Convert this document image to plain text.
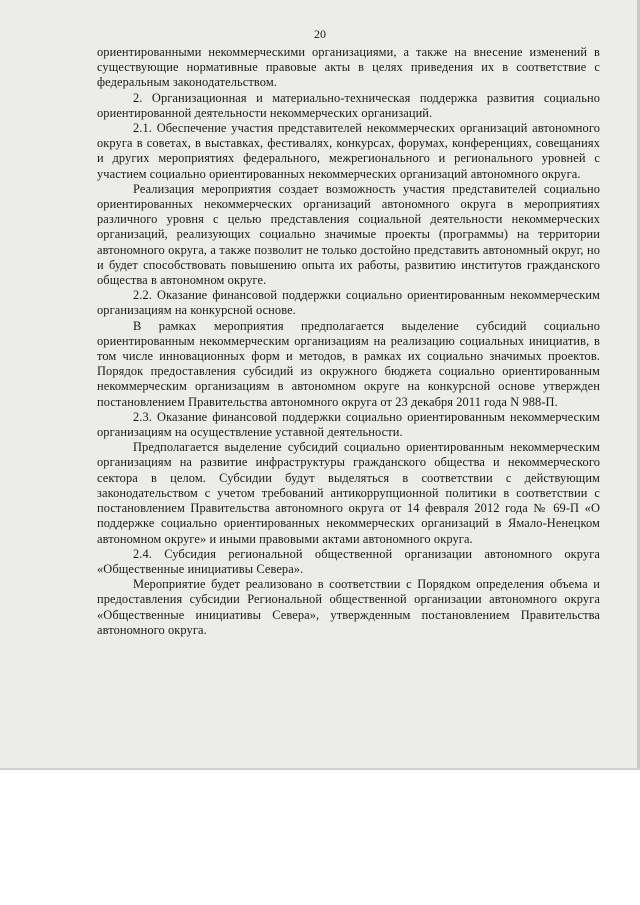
20

ориентированными некоммерческими организациями, а также на внесение изменений в существующие нормативные правовые акты в целях приведения их в соответствие с федеральным законодательством.

2. Организационная и материально-техническая поддержка развития социально ориентированной деятельности некоммерческих организаций.

2.1. Обеспечение участия представителей некоммерческих организаций автономного округа в советах, в выставках, фестивалях, конкурсах, форумах, конференциях, совещаниях и других мероприятиях федерального, межрегионального и регионального уровней с участием социально ориентированных некоммерческих организаций автономного округа.

Реализация мероприятия создает возможность участия представителей социально ориентированных некоммерческих организаций автономного округа в мероприятиях различного уровня с целью представления социальной деятельности некоммерческих организаций, реализующих социально значимые проекты (программы) на территории автономного округа, а также позволит не только достойно представить автономный округ, но и будет способствовать повышению опыта их работы, развитию институтов гражданского общества в автономном округе.

2.2. Оказание финансовой поддержки социально ориентированным некоммерческим организациям на конкурсной основе.

В рамках мероприятия предполагается выделение субсидий социально ориентированным некоммерческим организациям на реализацию социальных инициатив, в том числе инновационных форм и методов, в рамках их социально значимых проектов. Порядок предоставления субсидий из окружного бюджета социально ориентированным некоммерческим организациям в автономном округе на конкурсной основе утвержден постановлением Правительства автономного округа от 23 декабря 2011 года N 988-П.

2.3. Оказание финансовой поддержки социально ориентированным некоммерческим организациям на осуществление уставной деятельности.

Предполагается выделение субсидий социально ориентированным некоммерческим организациям на развитие инфраструктуры гражданского общества и некоммерческого сектора в целом. Субсидии будут выделяться в соответствии с действующим законодательством с учетом требований антикоррупционной политики в соответствии с постановлением Правительства автономного округа от 14 февраля 2012 года № 69-П «О поддержке социально ориентированных некоммерческих организаций в Ямало-Ненецком автономном округе» и иными правовыми актами автономного округа.

2.4. Субсидия региональной общественной организации автономного округа «Общественные инициативы Севера».

Мероприятие будет реализовано в соответствии с Порядком определения объема и предоставления субсидии Региональной общественной организации автономного округа «Общественные инициативы Севера», утвержденным постановлением Правительства автономного округа.
